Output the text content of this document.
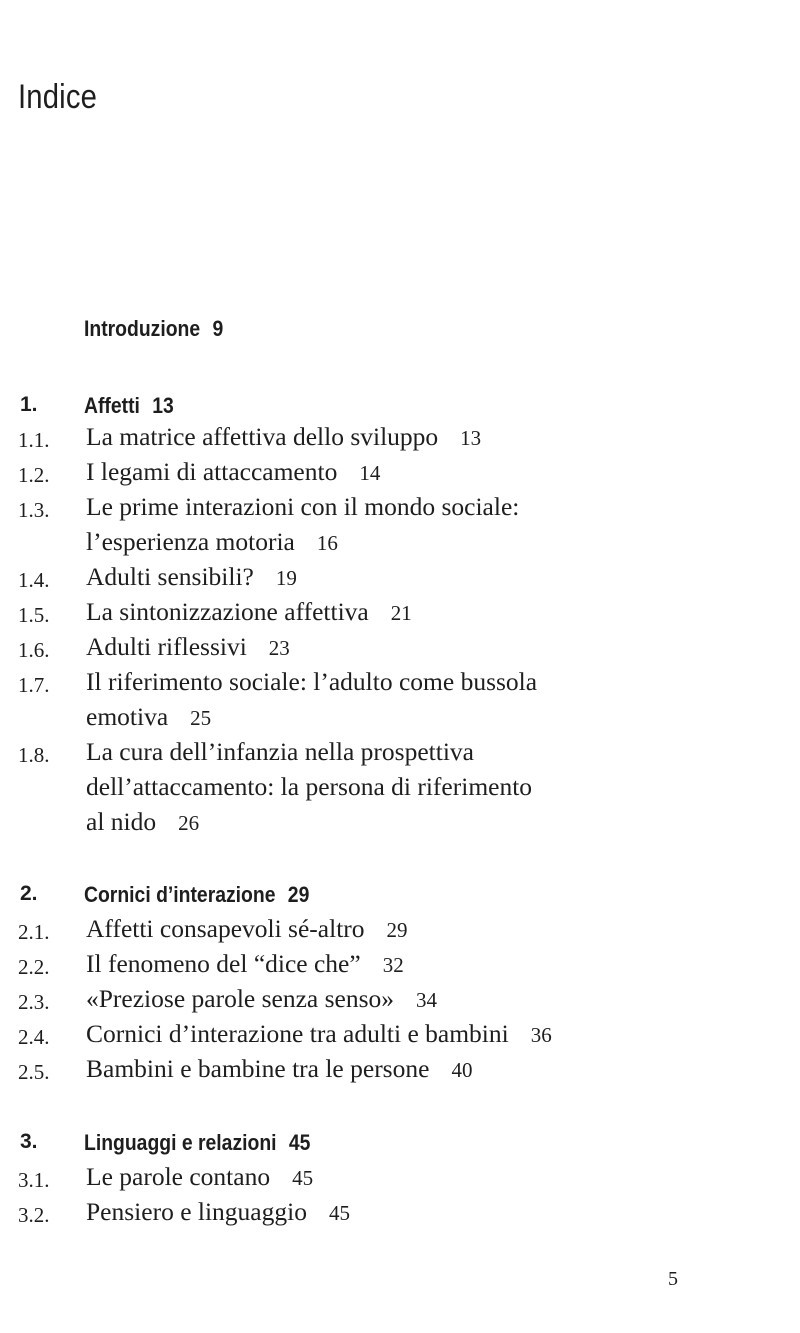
Indice
Introduzione 9
1. Affetti 13
1.1. La matrice affettiva dello sviluppo 13
1.2. I legami di attaccamento 14
1.3. Le prime interazioni con il mondo sociale:
l’esperienza motoria 16
1.4. Adulti sensibili? 19
1.5. La sintonizzazione affettiva 21
1.6. Adulti riflessivi 23
1.7. Il riferimento sociale: l’adulto come bussola
emotiva 25
1.8. La cura dell’infanzia nella prospettiva
dell’attaccamento: la persona di riferimento
al nido 26
2. Cornici d’interazione 29
2.1. Affetti consapevoli sé-altro 29
2.2. Il fenomeno del “dice che” 32
2.3. «Preziose parole senza senso» 34
2.4. Cornici d’interazione tra adulti e bambini 36
2.5. Bambini e bambine tra le persone 40
3. Linguaggi e relazioni 45
3.1. Le parole contano 45
3.2. Pensiero e linguaggio 45
5
